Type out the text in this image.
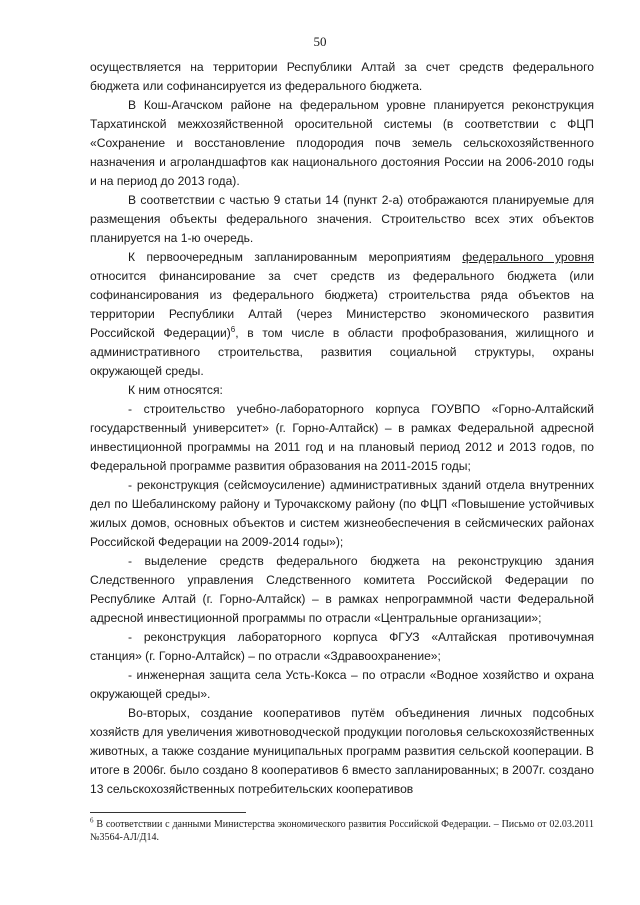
50

осуществляется на территории Республики Алтай за счет средств федерального бюджета или софинансируется из федерального бюджета.

В Кош-Агачском районе на федеральном уровне планируется реконструкция Тархатинской межхозяйственной оросительной системы (в соответствии с ФЦП «Сохранение и восстановление плодородия почв земель сельскохозяйственного назначения и агроландшафтов как национального достояния России на 2006-2010 годы и на период до 2013 года).

В соответствии с частью 9 статьи 14 (пункт 2-а) отображаются планируемые для размещения объекты федерального значения. Строительство всех этих объектов планируется на 1-ю очередь.

К первоочередным запланированным мероприятиям федерального уровня относится финансирование за счет средств из федерального бюджета (или софинансирования из федерального бюджета) строительства ряда объектов на территории Республики Алтай (через Министерство экономического развития Российской Федерации)$^6$, в том числе в области профобразования, жилищного и административного строительства, развития социальной структуры, охраны окружающей среды.

К ним относятся:

- строительство учебно-лабораторного корпуса ГОУВПО «Горно-Алтайский государственный университет» (г. Горно-Алтайск) – в рамках Федеральной адресной инвестиционной программы на 2011 год и на плановый период 2012 и 2013 годов, по Федеральной программе развития образования на 2011-2015 годы;

- реконструкция (сейсмоусиление) административных зданий отдела внутренних дел по Шебалинскому району и Турочакскому району (по ФЦП «Повышение устойчивых жилых домов, основных объектов и систем жизнеобеспечения в сейсмических районах Российской Федерации на 2009-2014 годы»);

- выделение средств федерального бюджета на реконструкцию здания Следственного управления Следственного комитета Российской Федерации по Республике Алтай (г. Горно-Алтайск) – в рамках непрограммной части Федеральной адресной инвестиционной программы по отрасли «Центральные организации»;

- реконструкция лабораторного корпуса ФГУЗ «Алтайская противочумная станция» (г. Горно-Алтайск) – по отрасли «Здравоохранение»;

- инженерная защита села Усть-Кокса – по отрасли «Водное хозяйство и охрана окружающей среды».

Во-вторых, создание кооперативов путём объединения личных подсобных хозяйств для увеличения животноводческой продукции поголовья сельскохозяйственных животных, а также создание муниципальных программ развития сельской кооперации. В итоге в 2006г. было создано 8 кооперативов 6 вместо запланированных; в 2007г. создано 13 сельскохозяйственных потребительских кооперативов

$^6$ В соответствии с данными Министерства экономического развития Российской Федерации. – Письмо от 02.03.2011 №3564-АЛ/Д14.
